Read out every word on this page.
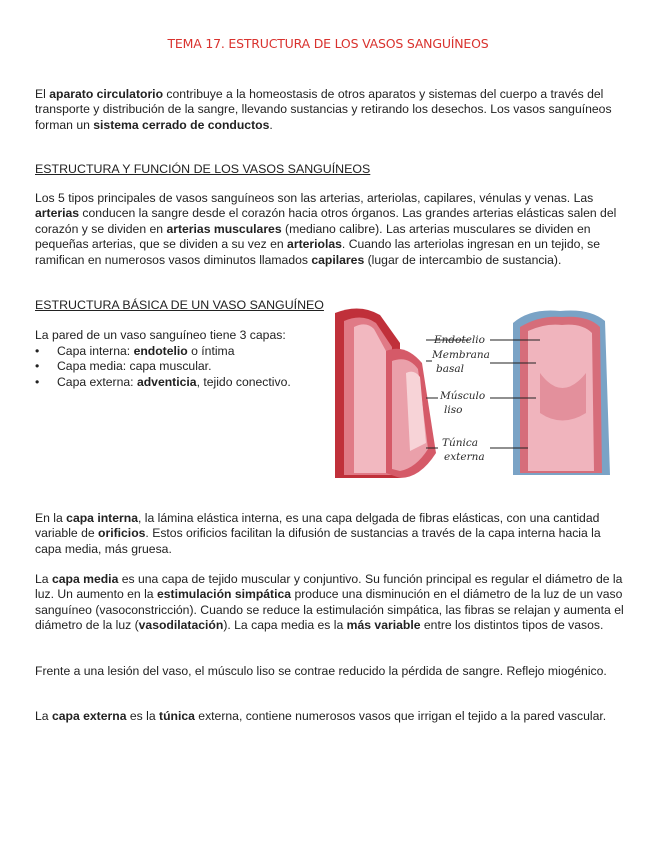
TEMA 17. ESTRUCTURA DE LOS VASOS SANGUÍNEOS

El aparato circulatorio contribuye a la homeostasis de otros aparatos y sistemas del cuerpo a través del transporte y distribución de la sangre, llevando sustancias y retirando los desechos. Los vasos sanguíneos forman un sistema cerrado de conductos.

ESTRUCTURA Y FUNCIÓN DE LOS VASOS SANGUÍNEOS

Los 5 tipos principales de vasos sanguíneos son las arterias, arteriolas, capilares, vénulas y venas. Las arterias conducen la sangre desde el corazón hacia otros órganos. Las grandes arterias elásticas salen del corazón y se dividen en arterias musculares (mediano calibre). Las arterias musculares se dividen en pequeñas arterias, que se dividen a su vez en arteriolas. Cuando las arteriolas ingresan en un tejido, se ramifican en numerosos vasos diminutos llamados capilares (lugar de intercambio de sustancia).

ESTRUCTURA BÁSICA DE UN VASO SANGUÍNEO

La pared de un vaso sanguíneo tiene 3 capas:

• Capa interna: endotelio o íntima
• Capa media: capa muscular.
• Capa externa: adventicia, tejido conectivo.
Endotelio
Membrana
basal
Músculo
liso
Túnica
externa

En la capa interna, la lámina elástica interna, es una capa delgada de fibras elásticas, con una cantidad variable de orificios. Estos orificios facilitan la difusión de sustancias a través de la capa interna hacia la capa media, más gruesa.

La capa media es una capa de tejido muscular y conjuntivo. Su función principal es regular el diámetro de la luz. Un aumento en la estimulación simpática produce una disminución en el diámetro de la luz de un vaso sanguíneo (vasoconstricción). Cuando se reduce la estimulación simpática, las fibras se relajan y aumenta el diámetro de la luz (vasodilatación). La capa media es la más variable entre los distintos tipos de vasos.

Frente a una lesión del vaso, el músculo liso se contrae reducido la pérdida de sangre. Reflejo miogénico.

La capa externa es la túnica externa, contiene numerosos vasos que irrigan el tejido a la pared vascular.
